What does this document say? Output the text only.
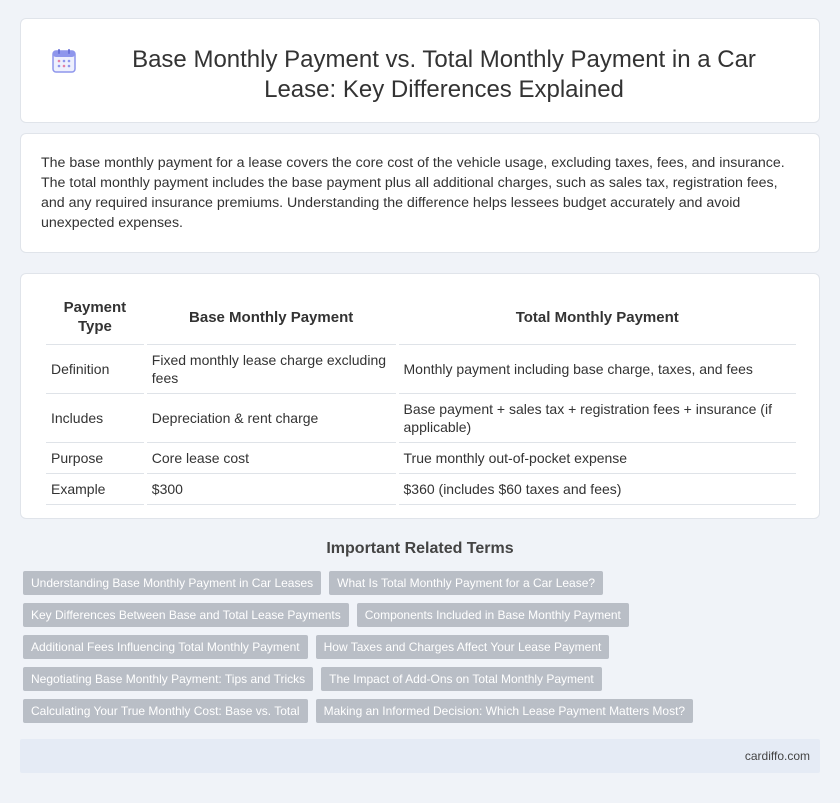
Base Monthly Payment vs. Total Monthly Payment in a Car Lease: Key Differences Explained

The base monthly payment for a lease covers the core cost of the vehicle usage, excluding taxes, fees, and insurance. The total monthly payment includes the base payment plus all additional charges, such as sales tax, registration fees, and any required insurance premiums. Understanding the difference helps lessees budget accurately and avoid unexpected expenses.

Payment Type	Base Monthly Payment	Total Monthly Payment
Definition	Fixed monthly lease charge excluding fees	Monthly payment including base charge, taxes, and fees
Includes	Depreciation & rent charge	Base payment + sales tax + registration fees + insurance (if applicable)
Purpose	Core lease cost	True monthly out-of-pocket expense
Example	$300	$360 (includes $60 taxes and fees)
Important Related Terms
Understanding Base Monthly Payment in Car Leases	What Is Total Monthly Payment for a Car Lease?
Key Differences Between Base and Total Lease Payments	Components Included in Base Monthly Payment
Additional Fees Influencing Total Monthly Payment	How Taxes and Charges Affect Your Lease Payment
Negotiating Base Monthly Payment: Tips and Tricks	The Impact of Add-Ons on Total Monthly Payment
Calculating Your True Monthly Cost: Base vs. Total	Making an Informed Decision: Which Lease Payment Matters Most?
cardiffo.com
